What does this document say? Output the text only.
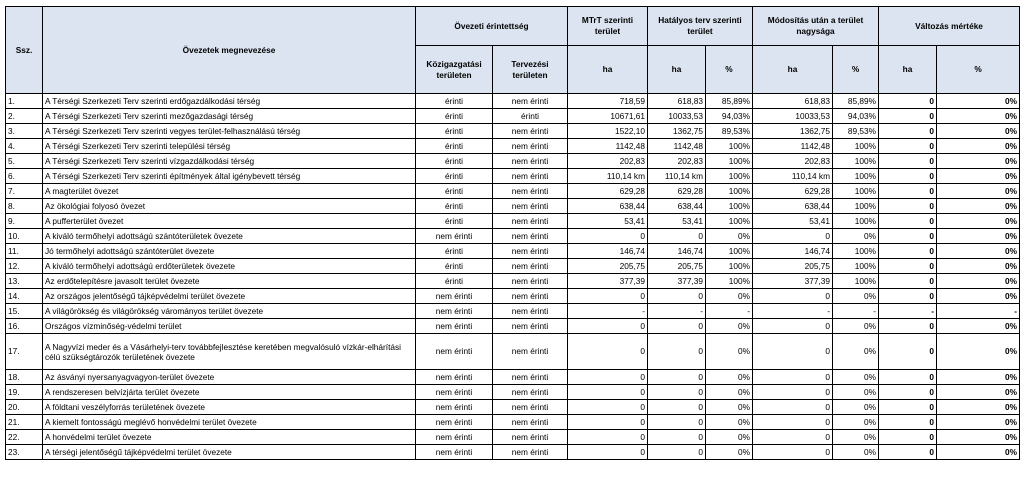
Ssz.	Övezetek megnevezése	Övezeti érintettség		MTrT szerinti terület	Hatályos terv szerinti terület		Módosítás után a terület nagysága		Változás mértéke	
		Közigazgatási területen	Tervezési területen							
				ha	ha	%	ha	%	ha	%
1.	A Térségi Szerkezeti Terv szerinti erdőgazdálkodási térség	érinti	nem érinti	718,59	618,83	85,89%	618,83	85,89%	0	0%
2.	A Térségi Szerkezeti Terv szerinti mezőgazdasági térség	érinti	érinti	10671,61	10033,53	94,03%	10033,53	94,03%	0	0%
3.	A Térségi Szerkezeti Terv szerinti vegyes terület-felhasználású térség	érinti	nem érinti	1522,10	1362,75	89,53%	1362,75	89,53%	0	0%
4.	A Térségi Szerkezeti Terv szerinti települési térség	érinti	nem érinti	1142,48	1142,48	100%	1142,48	100%	0	0%
5.	A Térségi Szerkezeti Terv szerinti vízgazdálkodási térség	érinti	nem érinti	202,83	202,83	100%	202,83	100%	0	0%
6.	A Térségi Szerkezeti Terv szerinti építmények által igénybevett térség	érinti	nem érinti	110,14 km	110,14 km	100%	110,14 km	100%	0	0%
7.	A magterület övezet	érinti	nem érinti	629,28	629,28	100%	629,28	100%	0	0%
8.	Az ökológiai folyosó övezet	érinti	nem érinti	638,44	638,44	100%	638,44	100%	0	0%
9.	A pufferterület övezet	érinti	nem érinti	53,41	53,41	100%	53,41	100%	0	0%
10.	A kiváló termőhelyi adottságú szántóterületek övezete	nem érinti	nem érinti	0	0	0%	0	0%	0	0%
11.	Jó termőhelyi adottságú szántóterület övezete	érinti	nem érinti	146,74	146,74	100%	146,74	100%	0	0%
12.	A kiváló termőhelyi adottságú erdőterületek övezete	érinti	nem érinti	205,75	205,75	100%	205,75	100%	0	0%
13.	Az erdőtelepítésre javasolt terület övezete	érinti	nem érinti	377,39	377,39	100%	377,39	100%	0	0%
14.	Az országos jelentőségű tájképvédelmi terület övezete	nem érinti	nem érinti	0	0	0%	0	0%	0	0%
15.	A világörökség és világörökség várományos terület övezete	nem érinti	nem érinti	-	-	-	-	-	-	-
16.	Országos vízminőség-védelmi terület	nem érinti	nem érinti	0	0	0%	0	0%	0	0%
17.	A Nagyvízi meder és a Vásárhelyi-terv továbbfejlesztése keretében megvalósuló vízkár-elhárítási célú szükségtározók területének övezete	nem érinti	nem érinti	0	0	0%	0	0%	0	0%
18.	Az ásványi nyersanyagvagyon-terület övezete	nem érinti	nem érinti	0	0	0%	0	0%	0	0%
19.	A rendszeresen belvízjárta terület övezete	nem érinti	nem érinti	0	0	0%	0	0%	0	0%
20.	A földtani veszélyforrás területének övezete	nem érinti	nem érinti	0	0	0%	0	0%	0	0%
21.	A kiemelt fontosságú meglévő honvédelmi terület övezete	nem érinti	nem érinti	0	0	0%	0	0%	0	0%
22.	A honvédelmi terület övezete	nem érinti	nem érinti	0	0	0%	0	0%	0	0%
23.	A térségi jelentőségű tájképvédelmi terület övezete	nem érinti	nem érinti	0	0	0%	0	0%	0	0%
